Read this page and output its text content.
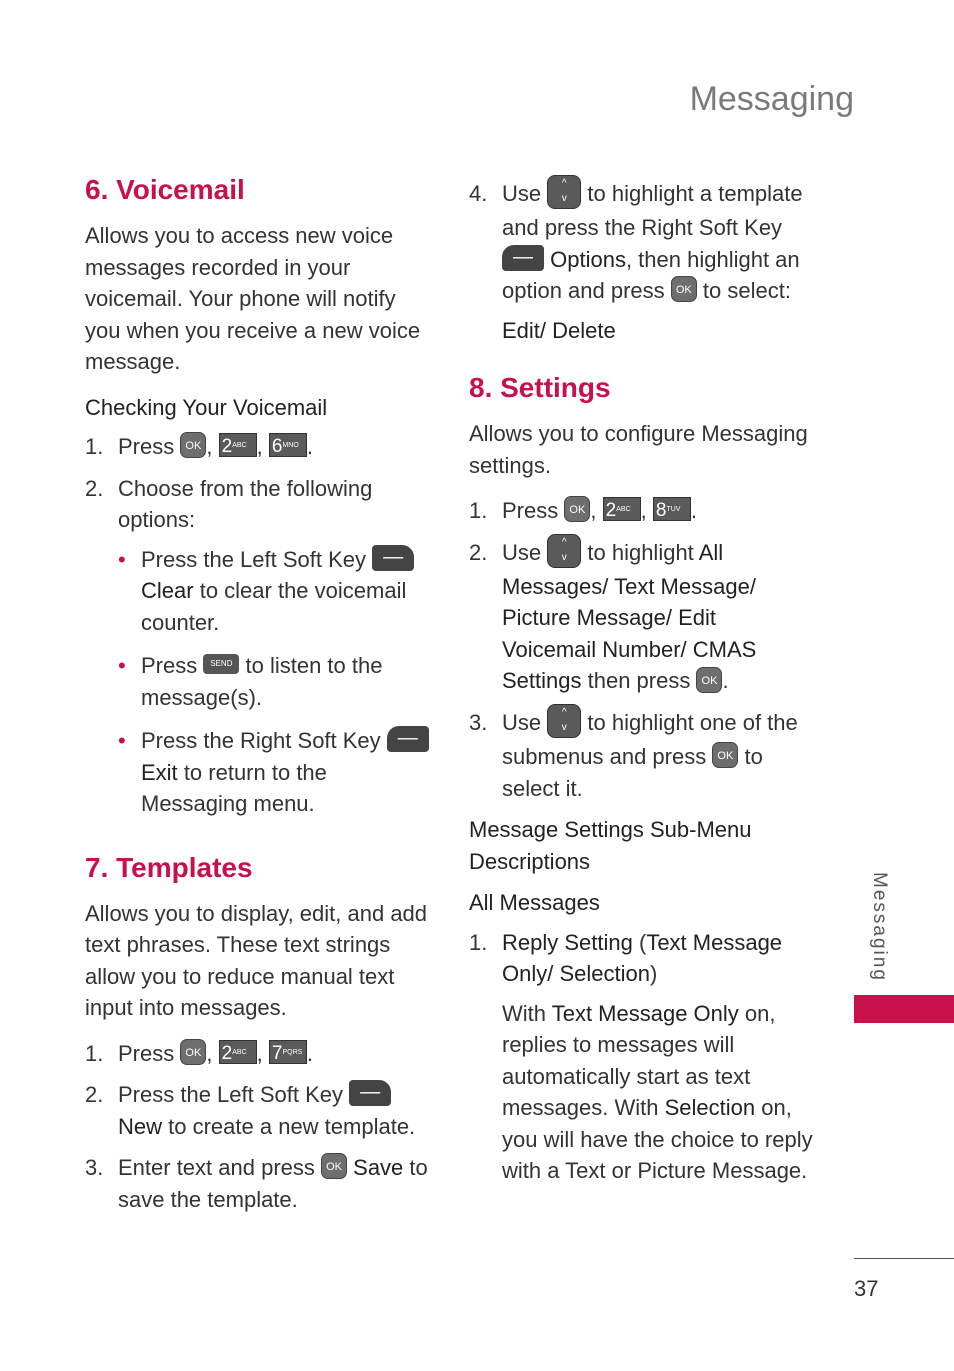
Messaging
6. Voicemail

Allows you to access new voice messages recorded in your voicemail. Your phone will notify you when you receive a new voice message.

Checking Your Voicemail
1. Press OK , 2ABC , 6MNO .
2. Choose from the following options:
• Press the Left Soft Key — Clear to clear the voicemail counter.
• Press SEND to listen to the message(s).
• Press the Right Soft Key — Exit to return to the Messaging menu.
7. Templates

Allows you to display, edit, and add text phrases. These text strings allow you to reduce manual text input into messages.

1. Press OK , 2ABC , 7PQRS .
2. Press the Left Soft Key — New to create a new template.
3. Enter text and press OK Save to save the template.
4. Use ^
v to highlight a template and press the Right Soft Key — Options, then highlight an option and press OK to select:
Edit/ Delete
8. Settings

Allows you to configure Messaging settings.

1. Press OK , 2ABC , 8TUV .
2. Use ^
v to highlight All Messages/ Text Message/ Picture Message/ Edit Voicemail Number/ CMAS Settings then press OK .
3. Use ^
v to highlight one of the submenus and press OK to select it.
Message Settings Sub-Menu Descriptions
All Messages
1. Reply Setting (Text Message Only/ Selection)
With Text Message Only on, replies to messages will automatically start as text messages. With Selection on, you will have the choice to reply with a Text or Picture Message.
Messaging
37
